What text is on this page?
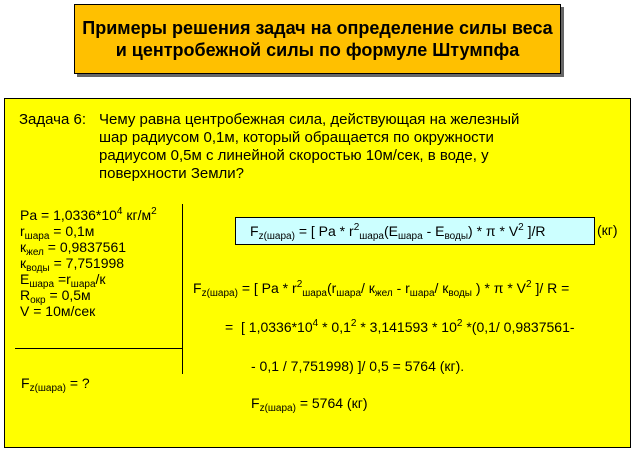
Примеры решения задач на определение силы веса
и центробежной силы по формуле Штумпфа
Задача 6: Чему равна центробежная сила, действующая на железный
шар радиусом 0,1м, который обращается по окружности
радиусом 0,5м с линейной скоростью 10м/сек, в воде, у
поверхности Земли?
$Pa = 1,0336*10^4$ $кг/м^2$
$r_{шара} = 0,1м$
$к_{жел} = 0,9837561$
$к_{воды} = 7,751998$
$E_{шара} =r_{шара}/к$
$R_{окр} = 0,5м$
V = 10м/сек
$F_{z(шара)}$ = ?
$F_{z(шара)}$ = [ Pa * $r^2_{шара}(E_{шара} - E_{воды})$ * π * $V^2$ ]/R	(кг)
$F_{z(шара)}$ = [ Pa * $r^2_{шара}(r_{шара}/$ $к_{жел} - r_{шара}/$ $к_{воды}$ ) * π * $V^2$ ]/ R =
= [ $1,0336*10^4 * 0,1^2 * 3,141593 * 10^2$ *(0,1/ 0,9837561-
- 0,1 / 7,751998) ]/ 0,5 = 5764 (кг).
$F_{z(шара)} = 5764$ (кг)
